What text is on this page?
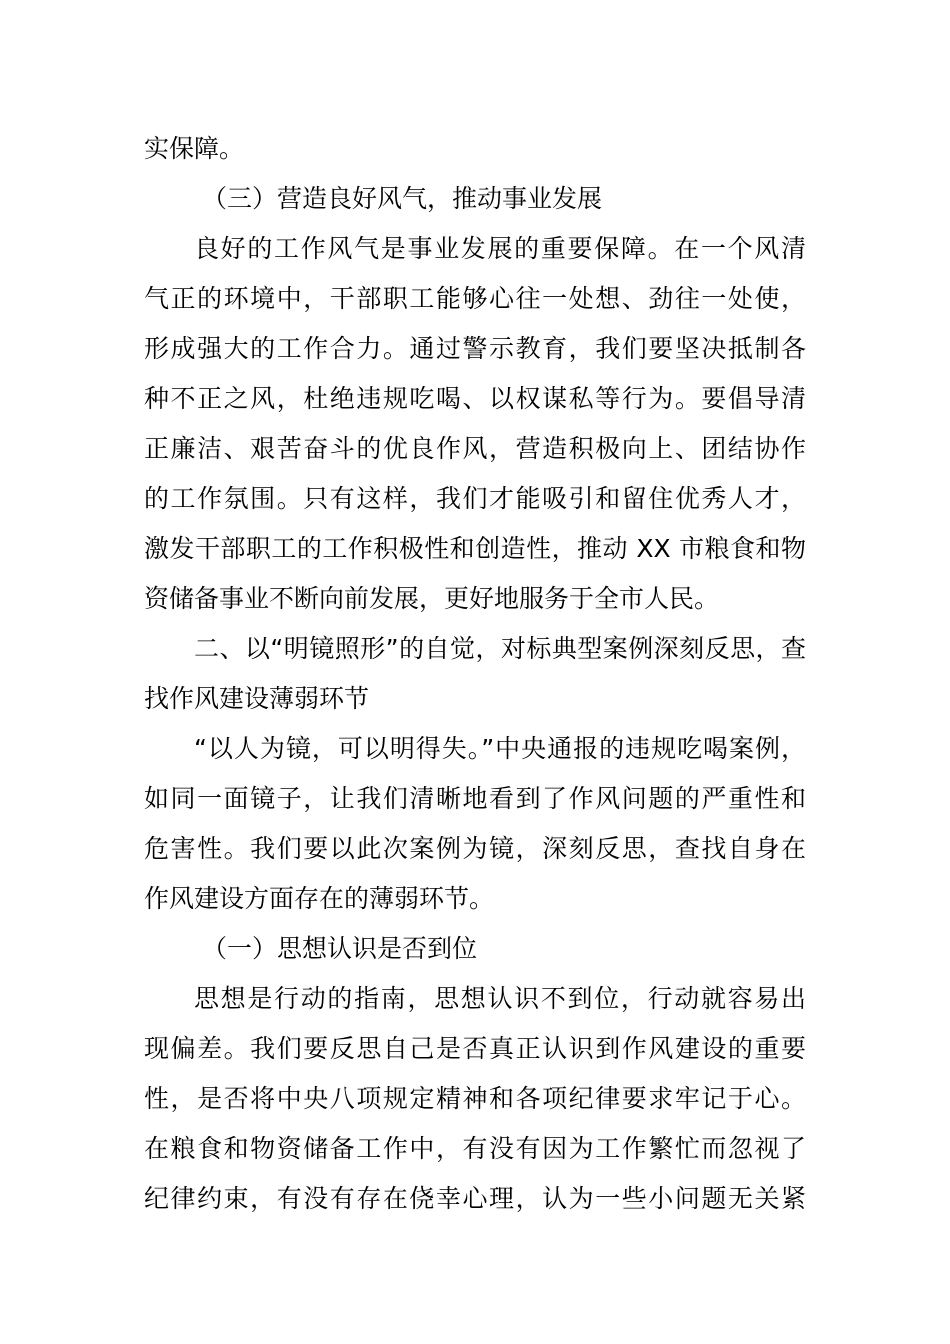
实保障。
（三）营造良好风气，推动事业发展
良好的工作风气是事业发展的重要保障。在一个风清
气正的环境中，干部职工能够心往一处想、劲往一处使，
形成强大的工作合力。通过警示教育，我们要坚决抵制各
种不正之风，杜绝违规吃喝、以权谋私等行为。要倡导清
正廉洁、艰苦奋斗的优良作风，营造积极向上、团结协作
的工作氛围。只有这样，我们才能吸引和留住优秀人才，
激发干部职工的工作积极性和创造性，推动 XX 市粮食和物
资储备事业不断向前发展，更好地服务于全市人民。
二、以“明镜照形”的自觉，对标典型案例深刻反思，查
找作风建设薄弱环节
“以人为镜，可以明得失。”中央通报的违规吃喝案例，
如同一面镜子，让我们清晰地看到了作风问题的严重性和
危害性。我们要以此次案例为镜，深刻反思，查找自身在
作风建设方面存在的薄弱环节。
（一）思想认识是否到位
思想是行动的指南，思想认识不到位，行动就容易出
现偏差。我们要反思自己是否真正认识到作风建设的重要
性，是否将中央八项规定精神和各项纪律要求牢记于心。
在粮食和物资储备工作中，有没有因为工作繁忙而忽视了
纪律约束，有没有存在侥幸心理，认为一些小问题无关紧
